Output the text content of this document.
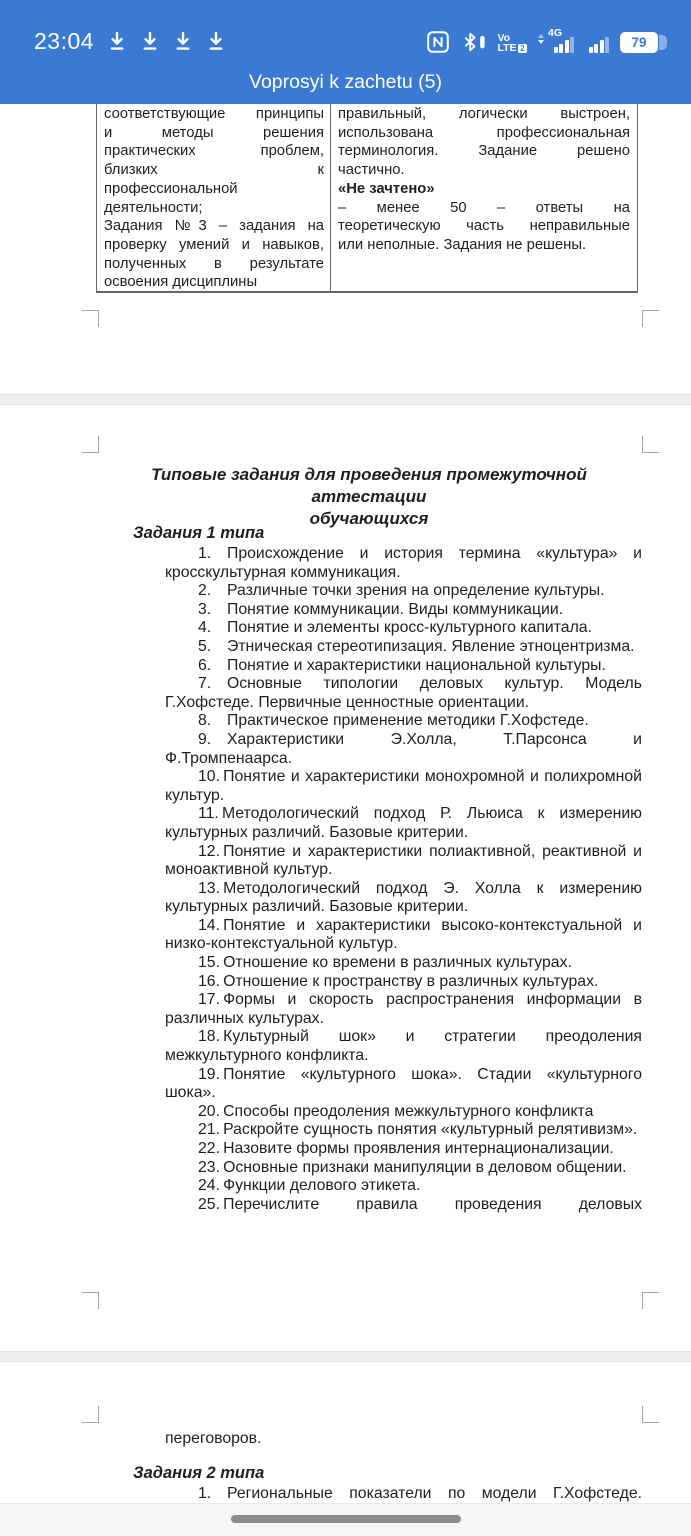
23:04	Vo
LTE 2
4G
79
Voprosyi k zachetu (5)
соответствующие принципы
и методы решения
практических проблем,
близких к
профессиональной
деятельности;
Задания №3 – задания на
проверку умений и навыков,
полученных в результате
освоения дисциплины
правильный, логически выстроен,
использована профессиональная
терминология. Задание решено
частично.
«Не зачтено»
– менее 50 – ответы на
теоретическую часть неправильные
или неполные. Задания не решены.
Типовые задания для проведения промежуточной аттестации
обучающихся
Задания 1 типа
1. Происхождение и история термина «культура» и кросскультурная коммуникация.
2. Различные точки зрения на определение культуры.
3. Понятие коммуникации. Виды коммуникации.
4. Понятие и элементы кросс-культурного капитала.
5. Этническая стереотипизация. Явление этноцентризма.
6. Понятие и характеристики национальной культуры.
7. Основные типологии деловых культур. Модель Г.Хофстеде. Первичные ценностные ориентации.
8. Практическое применение методики Г.Хофстеде.
9. Характеристики Э.Холла, Т.Парсонса и Ф.Тромпенаарса.
10. Понятие и характеристики монохромной и полихромной культур.
11. Методологический подход Р. Льюиса к измерению культурных различий. Базовые критерии.
12. Понятие и характеристики полиактивной, реактивной и моноактивной культур.
13. Методологический подход Э. Холла к измерению культурных различий. Базовые критерии.
14. Понятие и характеристики высоко-контекстуальной и низко-контекстуальной культур.
15. Отношение ко времени в различных культурах.
16. Отношение к пространству в различных культурах.
17. Формы и скорость распространения информации в различных культурах.
18. Культурный шок» и стратегии преодоления межкультурного конфликта.
19. Понятие «культурного шока». Стадии «культурного шока».
20. Способы преодоления межкультурного конфликта
21. Раскройте сущность понятия «культурный релятивизм».
22. Назовите формы проявления интернационализации.
23. Основные признаки манипуляции в деловом общении.
24. Функции делового этикета.
25. Перечислите правила проведения деловых
переговоров.
Задания 2 типа
1. Региональные показатели по модели Г.Хофстеде.
